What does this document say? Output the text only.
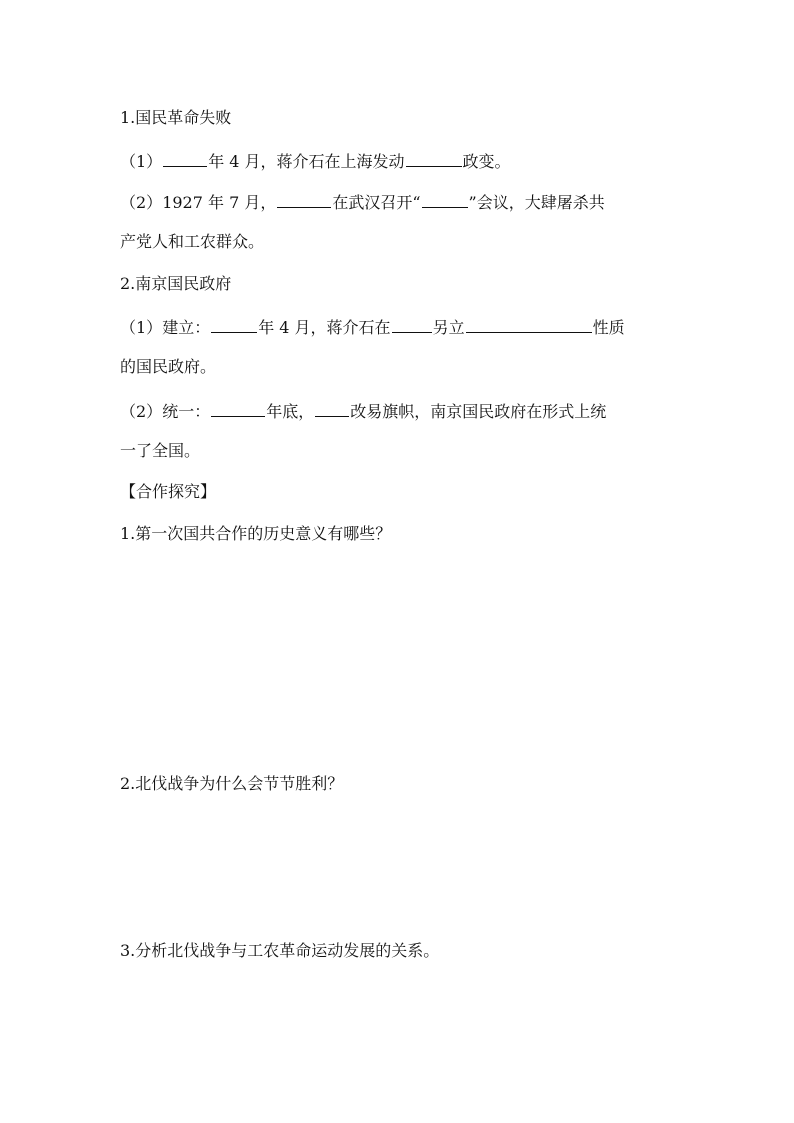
1.国民革命失败
（1）	年 4 月，蒋介石在上海发动	政变。
（2）1927 年 7 月，	在武汉召开“	”会议，大肆屠杀共
产党人和工农群众。
2.南京国民政府
（1）建立：	年 4 月，蒋介石在	另立	性质
的国民政府。
（2）统一：	年底， 改易旗帜，南京国民政府在形式上统
一了全国。
【合作探究】
1.第一次国共合作的历史意义有哪些？
2.北伐战争为什么会节节胜利？
3.分析北伐战争与工农革命运动发展的关系。
